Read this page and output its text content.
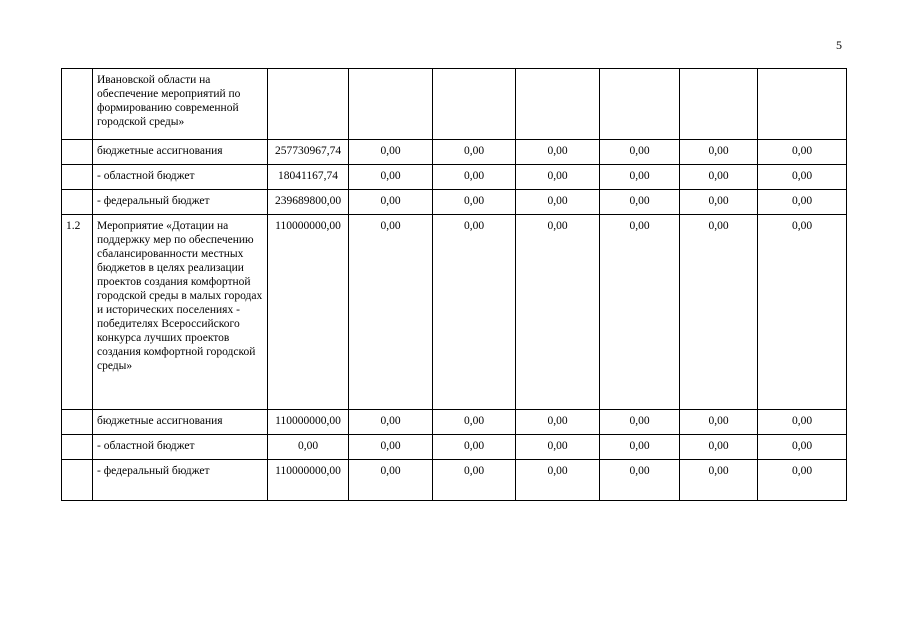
5
	Ивановской области на обеспечение мероприятий по формированию современной городской среды»							
	бюджетные ассигнования	257730967,74	0,00	0,00	0,00	0,00	0,00	0,00
	- областной бюджет	18041167,74	0,00	0,00	0,00	0,00	0,00	0,00
	- федеральный бюджет	239689800,00	0,00	0,00	0,00	0,00	0,00	0,00
1.2	Мероприятие «Дотации на поддержку мер по обеспечению сбалансированности местных бюджетов в целях реализации проектов создания комфортной городской среды в малых городах и исторических поселениях - победителях Всероссийского конкурса лучших проектов создания комфортной городской среды»	110000000,00	0,00	0,00	0,00	0,00	0,00	0,00
	бюджетные ассигнования	110000000,00	0,00	0,00	0,00	0,00	0,00	0,00
	- областной бюджет	0,00	0,00	0,00	0,00	0,00	0,00	0,00
	- федеральный бюджет	110000000,00	0,00	0,00	0,00	0,00	0,00	0,00
